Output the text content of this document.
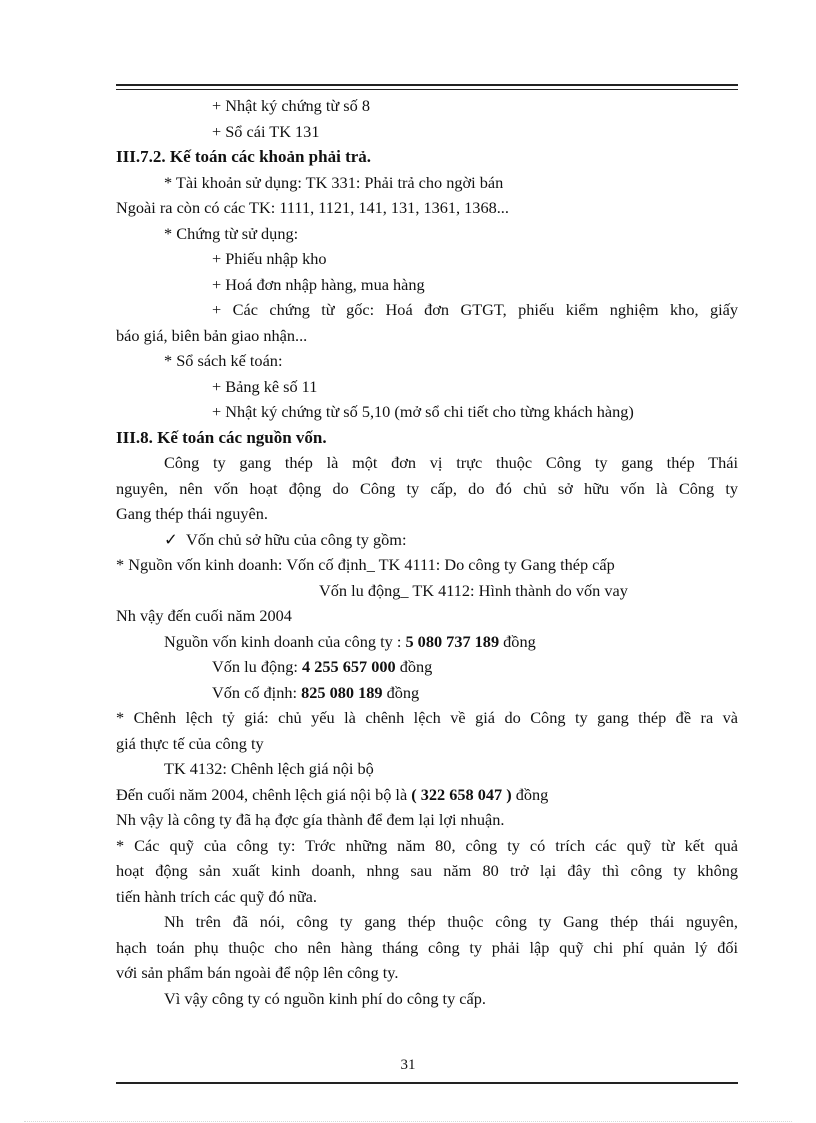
+ Nhật ký chứng từ số 8
+ Sổ cái TK 131
III.7.2. Kế toán các khoản phải trả.
* Tài khoản sử dụng: TK 331: Phải trả cho ngời bán
Ngoài ra còn có các TK: 1111, 1121, 141, 131, 1361, 1368...
* Chứng từ sử dụng:
+ Phiếu nhập kho
+ Hoá đơn nhập hàng, mua hàng
+ Các chứng từ gốc: Hoá đơn GTGT, phiếu kiểm nghiệm kho, giấy
báo giá, biên bản giao nhận...
* Sổ sách kế toán:
+ Bảng kê số 11
+ Nhật ký chứng từ số 5,10 (mở sổ chi tiết cho từng khách hàng)
III.8. Kế toán các nguồn vốn.
Công ty gang thép là một đơn vị trực thuộc Công ty gang thép Thái
nguyên, nên vốn hoạt động do Công ty cấp, do đó chủ sở hữu vốn là Công ty
Gang thép thái nguyên.
✓ Vốn chủ sở hữu của công ty gồm:
* Nguồn vốn kinh doanh: Vốn cố định_ TK 4111: Do công ty Gang thép cấp
Vốn lu động_ TK 4112: Hình thành do vốn vay
Nh vậy đến cuối năm 2004
Nguồn vốn kinh doanh của công ty : 5 080 737 189 đồng
Vốn lu động: 4 255 657 000 đồng
Vốn cố định: 825 080 189 đồng
* Chênh lệch tỷ giá: chủ yếu là chênh lệch về giá do Công ty gang thép đề ra và
giá thực tế của công ty
TK 4132: Chênh lệch giá nội bộ
Đến cuối năm 2004, chênh lệch giá nội bộ là ( 322 658 047 ) đồng
Nh vậy là công ty đã hạ đợc gía thành để đem lại lợi nhuận.
* Các quỹ của công ty: Trớc những năm 80, công ty có trích các quỹ từ kết quả
hoạt động sản xuất kinh doanh, nhng sau năm 80 trở lại đây thì công ty không
tiến hành trích các quỹ đó nữa.
Nh trên đã nói, công ty gang thép thuộc công ty Gang thép thái nguyên,
hạch toán phụ thuộc cho nên hàng tháng công ty phải lập quỹ chi phí quản lý đối
với sản phẩm bán ngoài để nộp lên công ty.
Vì vậy công ty có nguồn kinh phí do công ty cấp.
31
